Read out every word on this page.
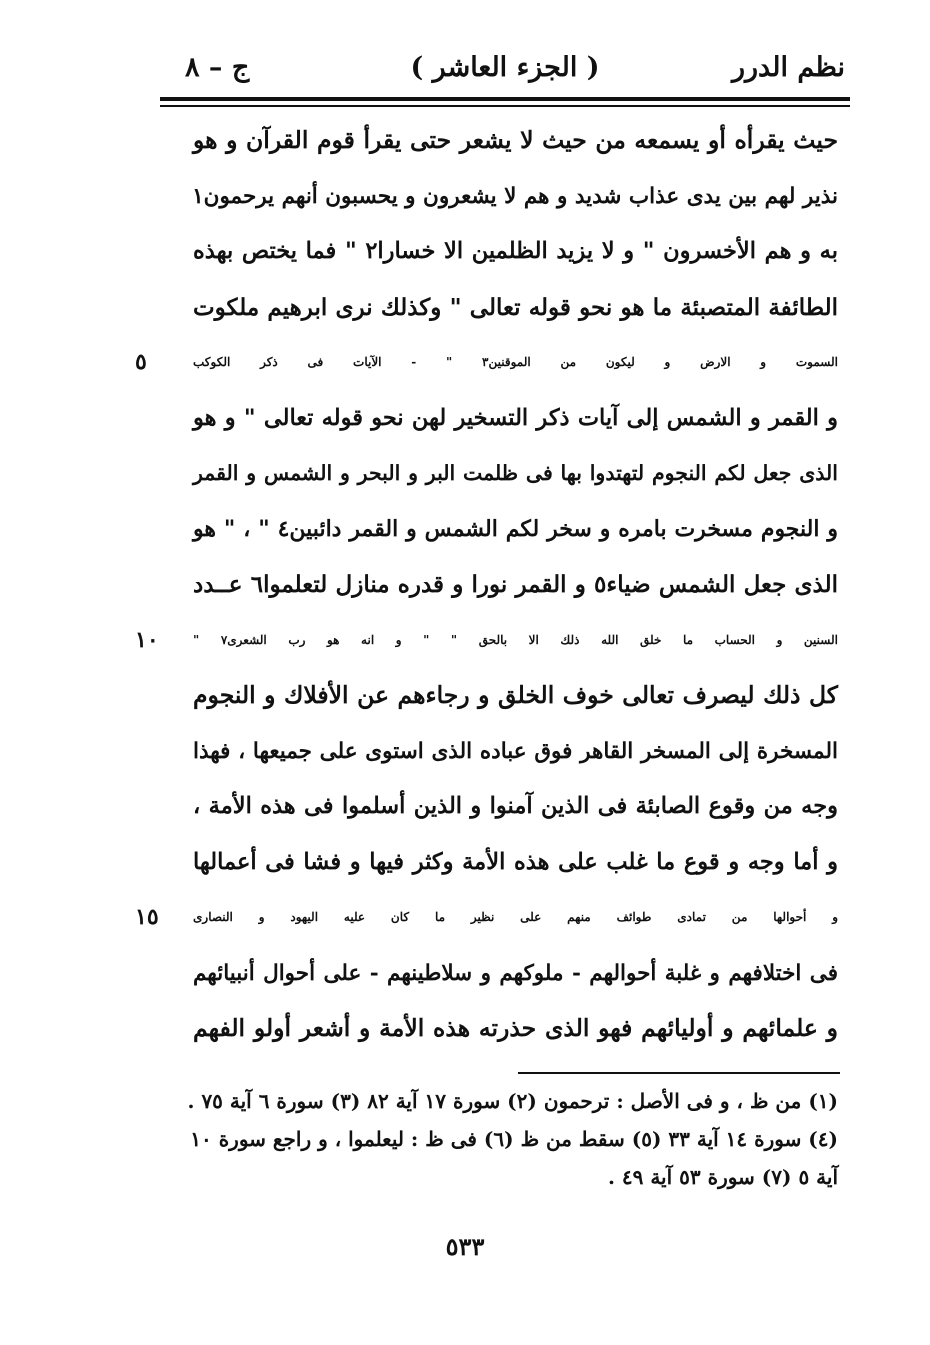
نظم الدرر
( الجزء العاشر )
ج – ٨
حيث يقرأه أو يسمعه من حيث لا يشعر حتى يقرأ قوم القرآن و هو
نذير لهم بين يدى عذاب شديد و هم لا يشعرون و يحسبون أنهم يرحمون١
به و هم الأخسرون " و لا يزيد الظلمين الا خسارا٢ " فما يختص بهذه
الطائفة المتصبئة ما هو نحو قوله تعالى " وكذلك نرى ابرهيم ملكوت
السموت و الارض و ليكون من الموقنين٣ " - الآيات فى ذكر الكوكب
٥
و القمر و الشمس إلى آيات ذكر التسخير لهن نحو قوله تعالى " و هو
الذى جعل لكم النجوم لتهتدوا بها فى ظلمت البر و البحر و الشمس و القمر
و النجوم مسخرت بامره و سخر لكم الشمس و القمر دائبين٤ " ، " هو
الذى جعل الشمس ضياء٥ و القمر نورا و قدره منازل لتعلموا٦ عــدد
السنين و الحساب ما خلق الله ذلك الا بالحق " " و انه هو رب الشعرى٧ "
١٠
كل ذلك ليصرف تعالى خوف الخلق و رجاءهم عن الأفلاك و النجوم
المسخرة إلى المسخر القاهر فوق عباده الذى استوى على جميعها ، فهذا
وجه من وقوع الصابئة فى الذين آمنوا و الذين أسلموا فى هذه الأمة ،
و أما وجه و قوع ما غلب على هذه الأمة وكثر فيها و فشا فى أعمالها
و أحوالها من تمادى طوائف منهم على نظير ما كان عليه اليهود و النصارى
١٥
فى اختلافهم و غلبة أحوالهم - ملوكهم و سلاطينهم - على أحوال أنبيائهم
و علمائهم و أوليائهم فهو الذى حذرته هذه الأمة و أشعر أولو الفهم
(١) من ظ ، و فى الأصل : ترحمون (٢) سورة ١٧ آية ٨٢ (٣) سورة ٦ آية ٧٥ .
(٤) سورة ١٤ آية ٣٣ (٥) سقط من ظ (٦) فى ظ : ليعلموا ، و راجع سورة ١٠
آية ٥ (٧) سورة ٥٣ آية ٤٩ .
٥٣٣
